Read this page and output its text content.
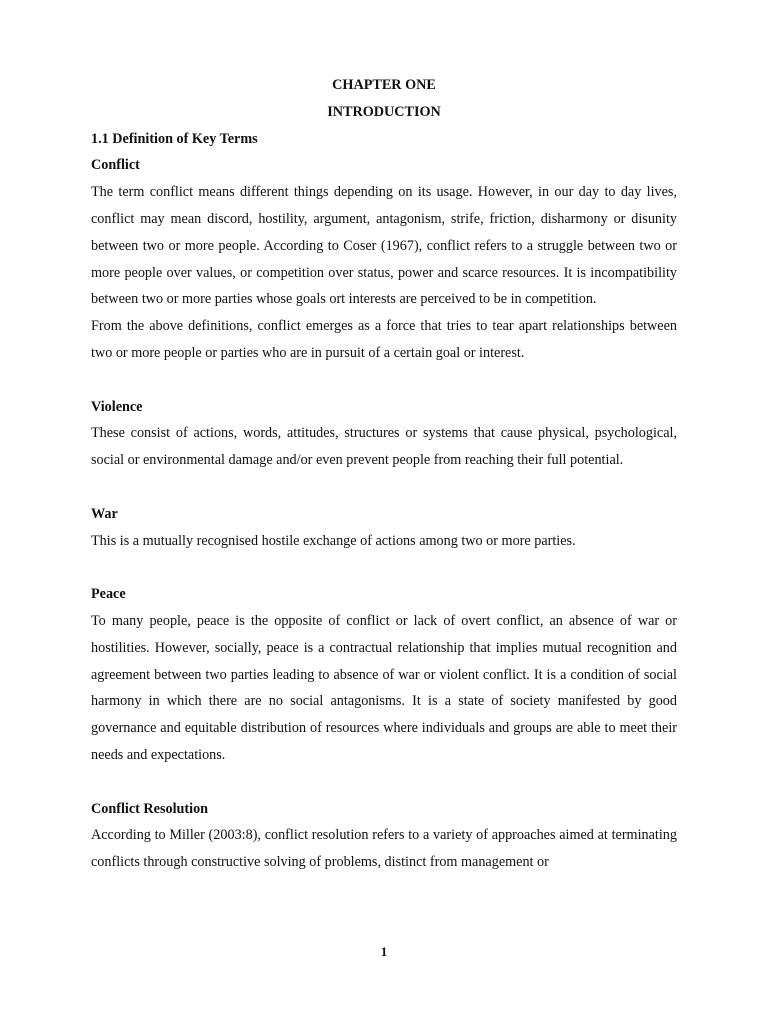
CHAPTER ONE

INTRODUCTION

1.1 Definition of Key Terms

Conflict

The term conflict means different things depending on its usage. However, in our day to day lives, conflict may mean discord, hostility, argument, antagonism, strife, friction, disharmony or disunity between two or more people. According to Coser (1967), conflict refers to a struggle between two or more people over values, or competition over status, power and scarce resources. It is incompatibility between two or more parties whose goals ort interests are perceived to be in competition.

From the above definitions, conflict emerges as a force that tries to tear apart relationships between two or more people or parties who are in pursuit of a certain goal or interest.

Violence

These consist of actions, words, attitudes, structures or systems that cause physical, psychological, social or environmental damage and/or even prevent people from reaching their full potential.

War

This is a mutually recognised hostile exchange of actions among two or more parties.

Peace

To many people, peace is the opposite of conflict or lack of overt conflict, an absence of war or hostilities. However, socially, peace is a contractual relationship that implies mutual recognition and agreement between two parties leading to absence of war or violent conflict. It is a condition of social harmony in which there are no social antagonisms. It is a state of society manifested by good governance and equitable distribution of resources where individuals and groups are able to meet their needs and expectations.

Conflict Resolution

According to Miller (2003:8), conflict resolution refers to a variety of approaches aimed at terminating conflicts through constructive solving of problems, distinct from management or

1
